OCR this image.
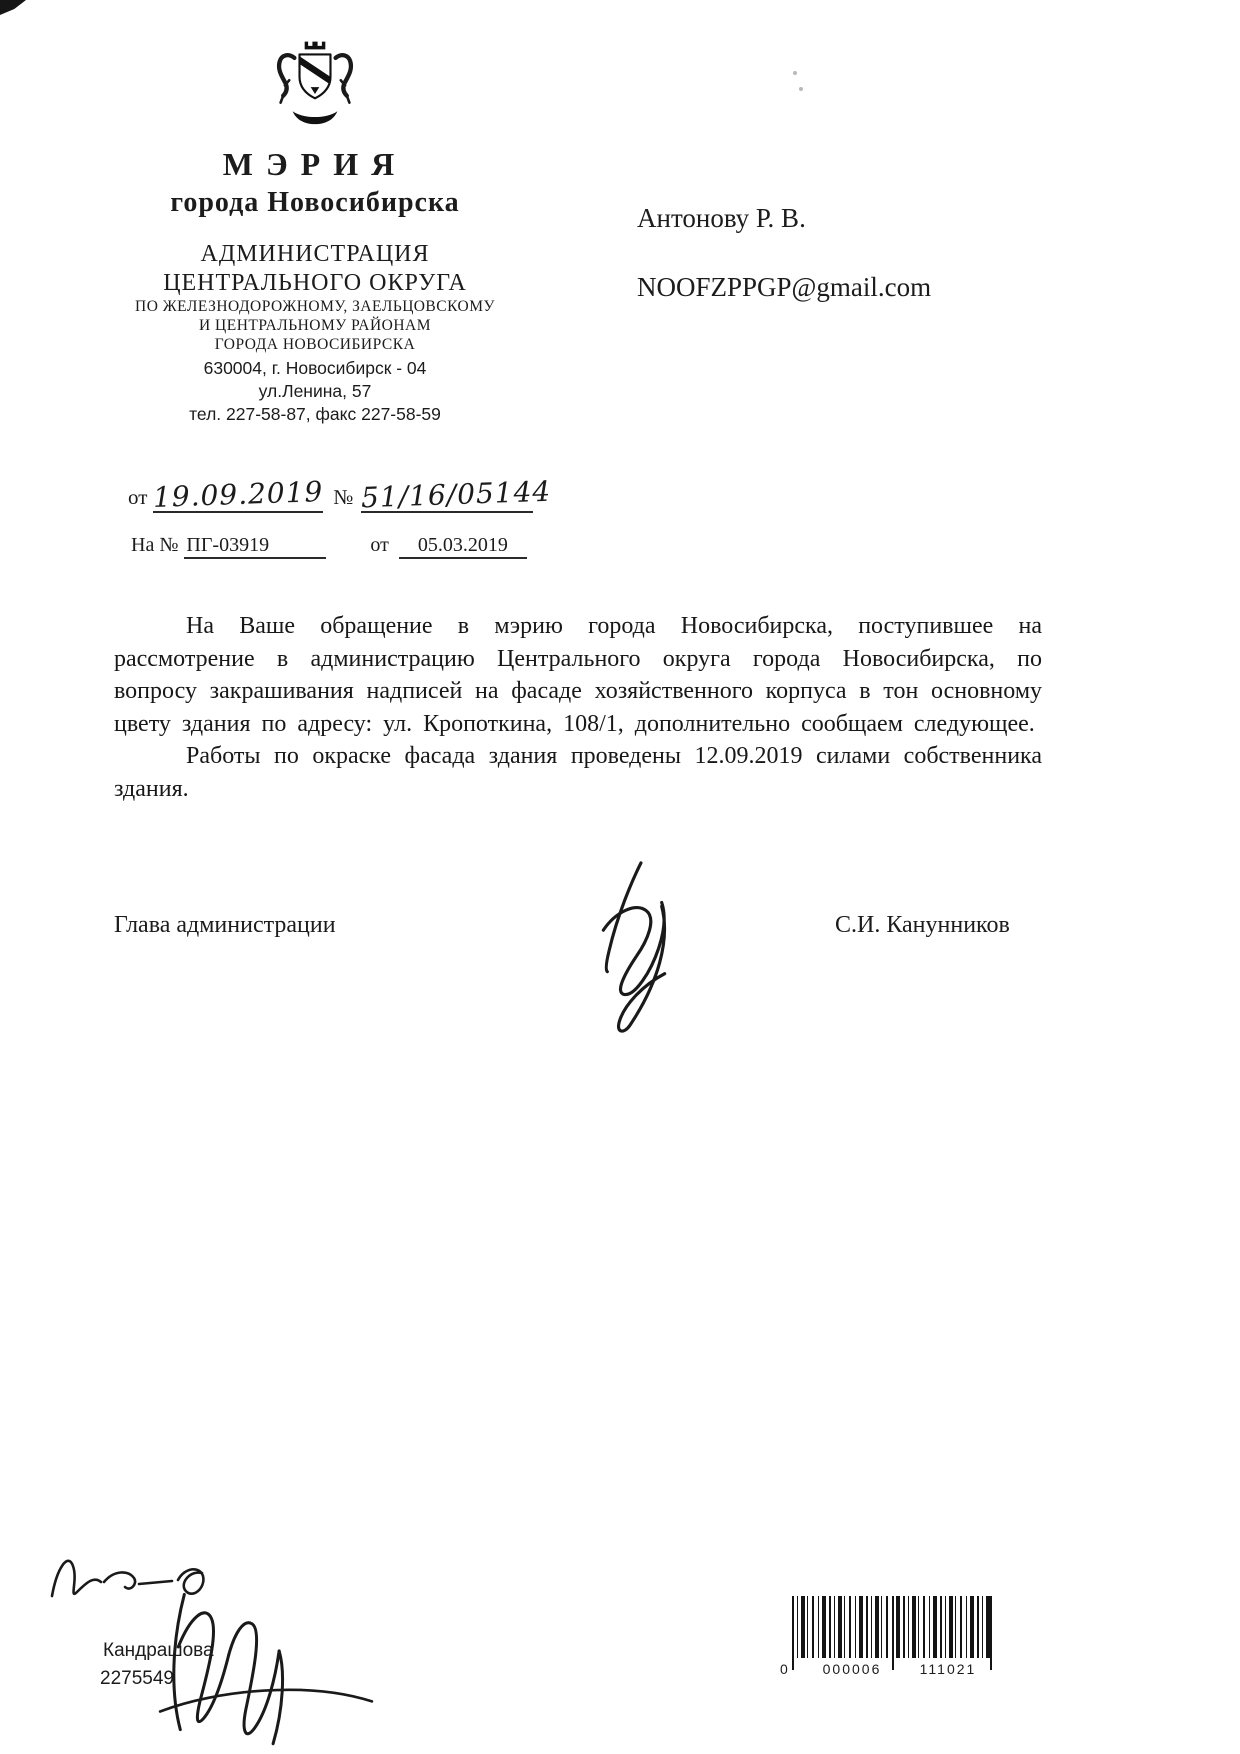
МЭРИЯ
города Новосибирска
АДМИНИСТРАЦИЯ
ЦЕНТРАЛЬНОГО ОКРУГА
ПО ЖЕЛЕЗНОДОРОЖНОМУ, ЗАЕЛЬЦОВСКОМУ
И ЦЕНТРАЛЬНОМУ РАЙОНАМ
ГОРОДА НОВОСИБИРСКА
630004, г. Новосибирск - 04
ул.Ленина, 57
тел. 227-58-87, факс 227-58-59
от 19.09.2019 № 51/16/05144
На № ПГ-03919	от 05.03.2019
Антонову Р. В.
NOOFZPPGP@gmail.com

На Ваше обращение в мэрию города Новосибирска, поступившее на рассмотрение в администрацию Центрального округа города Новосибирска, по вопросу закрашивания надписей на фасаде хозяйственного корпуса в тон основному цвету здания по адресу: ул. Кропоткина, 108/1, дополнительно сообщаем следующее.

Работы по окраске фасада здания проведены 12.09.2019 силами собственника здания.

Глава администрации	С.И. Канунников
Кандрашова
2275549	0	000006	111021
